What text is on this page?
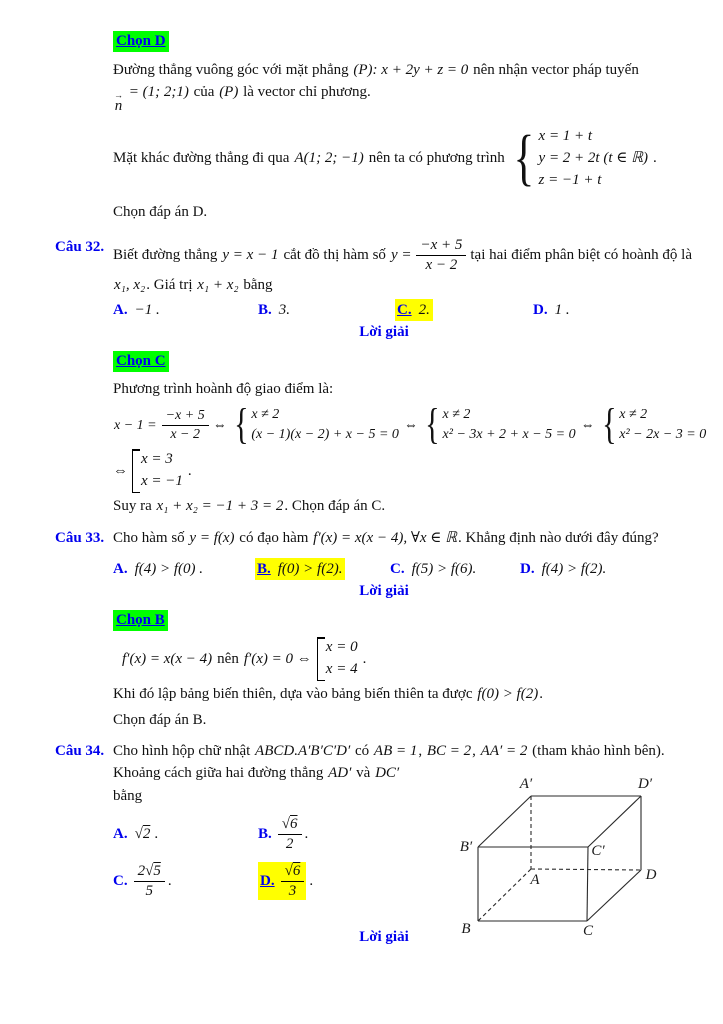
Chọn D
Đường thẳng vuông góc với mặt phẳng (P): x + 2y + z = 0 nên nhận vector pháp tuyến

→
n
= (1; 2;1) của (P) là vector chỉ phương.
Mặt khác đường thẳng đi qua A(1; 2; −1) nên ta có phương trình { x = 1 + t
y = 2 + 2t (t ∈ ℝ)
z = −1 + t
.
Chọn đáp án D.
Câu 32. Biết đường thẳng y = x − 1 cắt đồ thị hàm số $y = \frac{-x + 5}{x - 2}$ tại hai điểm phân biệt có hoành độ là
x₁, x₂. Giá trị x₁ + x₂ bằng
A. −1 .	B. 3.	C. 2.	D. 1 .
Lời giải
Chọn C
Phương trình hoành độ giao điểm là:
$x - 1 = \frac{-x + 5}{x - 2}$ ⇔ { x ≠ 2
(x − 1)(x − 2) + x − 5 = 0
⇔ { x ≠ 2
x² − 3x + 2 + x − 5 = 0
⇔ { x ≠ 2
x² − 2x − 3 = 0
⇔
x = 3
x = −1
.
Suy ra x₁ + x₂ = −1 + 3 = 2. Chọn đáp án C.
Câu 33. Cho hàm số y = f(x) có đạo hàm f′(x) = x(x − 4), ∀x ∈ ℝ. Khẳng định nào dưới đây đúng?
A. f(4) > f(0) .	B. f(0) > f(2).	C. f(5) > f(6).	D. f(4) > f(2).
Lời giải
Chọn B
f′(x) = x(x − 4) nên f′(x) = 0 ⇔
x = 0
x = 4
.
Khi đó lập bảng biến thiên, dựa vào bảng biến thiên ta được f(0) > f(2).
Chọn đáp án B.
Câu 34. Cho hình hộp chữ nhật ABCD.A′B′C′D′ có AB = 1, BC = 2, AA′ = 2 (tham khảo hình bên).
Khoảng cách giữa hai đường thẳng AD′ và DC′
bằng
A. √2 .	B. $\frac{√6}{2}$ .
C. $\frac{2√5}{5}$ .	D. $\frac{√6}{3}$ .
A′	D′
B′	C′
A	D
B	C
Lời giải
